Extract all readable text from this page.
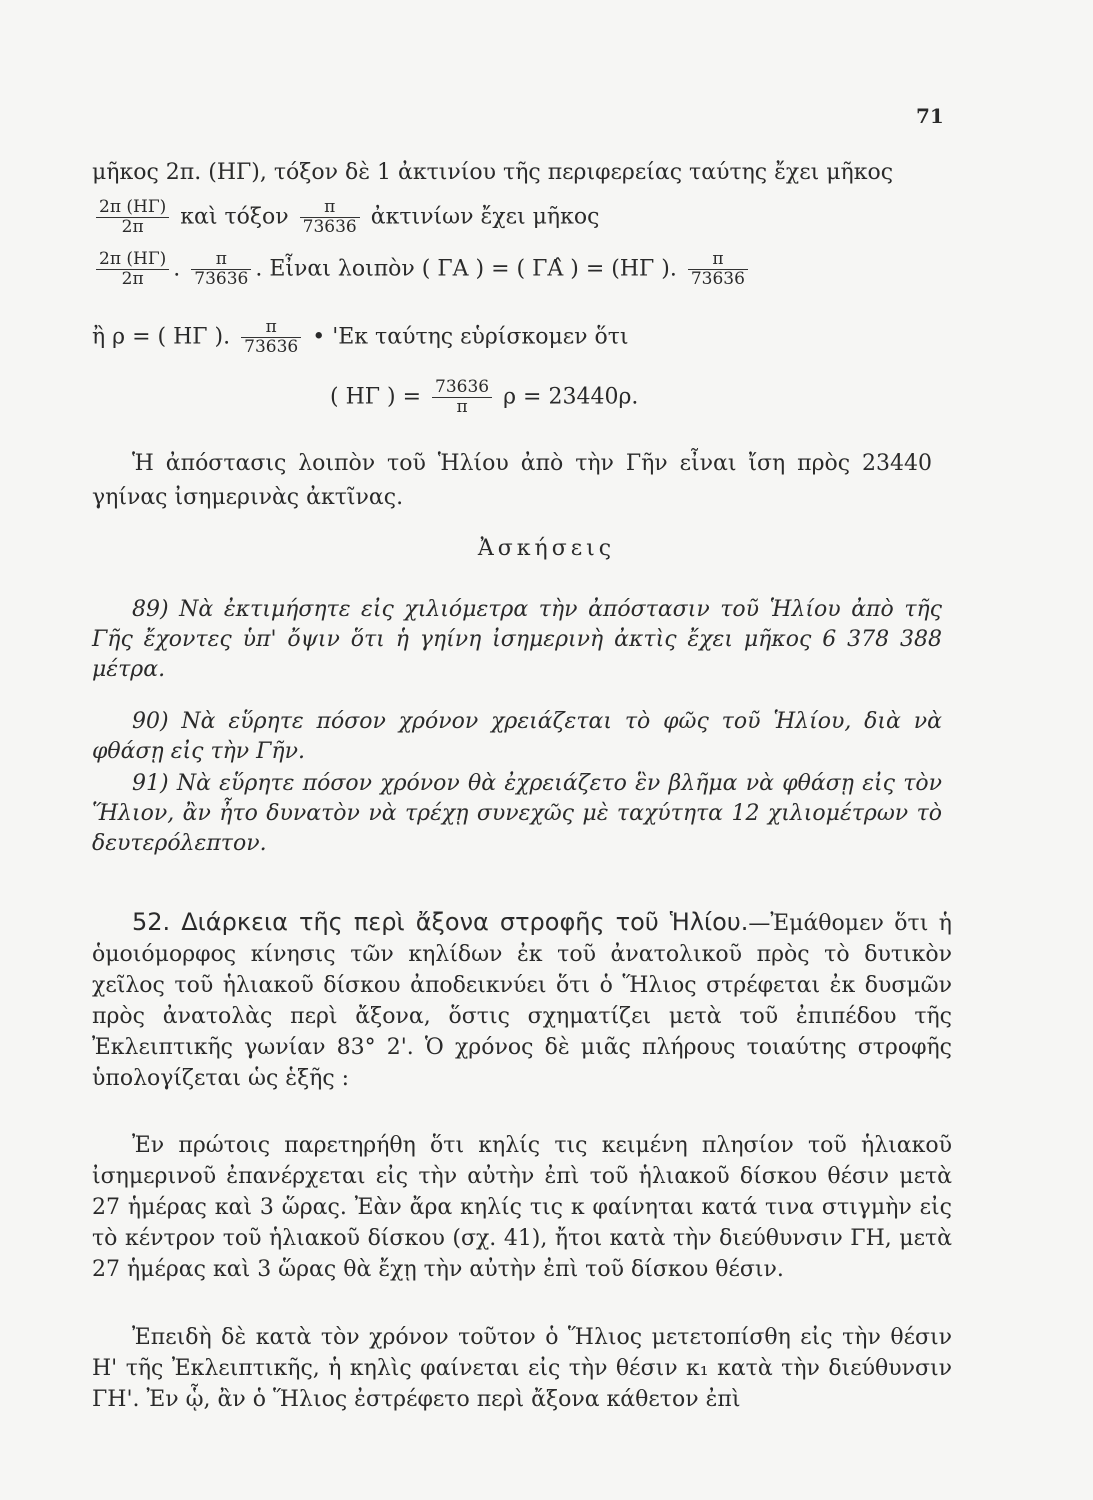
71
μῆκος 2π. (ΗΓ), τόξον δὲ 1 ἀκτινίου τῆς περιφερείας ταύτης ἔχει μῆκος
$\frac{2\pi (H\Gamma)}{2\pi}$ καὶ τόξον $\frac{\pi}{73636}$ ἀκτινίων ἔχει μῆκος
$\frac{2\pi (H\Gamma)}{2\pi}$ . $\frac{\pi}{73636}$ . Εἶναι λοιπὸν ( ΓΑ ) = ( ΓΑ̂ ) = (ΗΓ ). $\frac{\pi}{73636}$
ἢ ρ = ( ΗΓ ). $\frac{\pi}{73636}$ • 'Εκ ταύτης εὑρίσκομεν ὅτι
( ΗΓ ) = $\frac{73636}{\pi}$ ρ = 23440ρ.
Ἡ ἀπόστασις λοιπὸν τοῦ Ἡλίου ἀπὸ τὴν Γῆν εἶναι ἴση πρὸς 23440 γηίνας ἰσημερινὰς ἀκτῖνας.
Ἀσκήσεις
89) Νὰ ἐκτιμήσητε εἰς χιλιόμετρα τὴν ἀπόστασιν τοῦ Ἡλίου ἀπὸ τῆς Γῆς ἔχοντες ὑπ' ὄψιν ὅτι ἡ γηίνη ἰσημερινὴ ἀκτὶς ἔχει μῆκος 6 378 388 μέτρα.
90) Νὰ εὕρητε πόσον χρόνον χρειάζεται τὸ φῶς τοῦ Ἡλίου, διὰ νὰ φθάσῃ εἰς τὴν Γῆν.
91) Νὰ εὕρητε πόσον χρόνον θὰ ἐχρειάζετο ἓν βλῆμα νὰ φθάσῃ εἰς τὸν Ἥλιον, ἂν ἦτο δυνατὸν νὰ τρέχῃ συνεχῶς μὲ ταχύτητα 12 χιλιομέτρων τὸ δευτερόλεπτον.
52. Διάρκεια τῆς περὶ ἄξονα στροφῆς τοῦ Ἡλίου.—Ἐμάθομεν ὅτι ἡ ὁμοιόμορφος κίνησις τῶν κηλίδων ἐκ τοῦ ἀνατολικοῦ πρὸς τὸ δυτικὸν χεῖλος τοῦ ἡλιακοῦ δίσκου ἀποδεικνύει ὅτι ὁ Ἥλιος στρέφεται ἐκ δυσμῶν πρὸς ἀνατολὰς περὶ ἄξονα, ὅστις σχηματίζει μετὰ τοῦ ἐπιπέδου τῆς Ἐκλειπτικῆς γωνίαν 83° 2'. Ὁ χρόνος δὲ μιᾶς πλήρους τοιαύτης στροφῆς ὑπολογίζεται ὡς ἑξῆς :
Ἐν πρώτοις παρετηρήθη ὅτι κηλίς τις κειμένη πλησίον τοῦ ἡλιακοῦ ἰσημερινοῦ ἐπανέρχεται εἰς τὴν αὐτὴν ἐπὶ τοῦ ἡλιακοῦ δίσκου θέσιν μετὰ 27 ἡμέρας καὶ 3 ὥρας. Ἐὰν ἄρα κηλίς τις κ φαίνηται κατά τινα στιγμὴν εἰς τὸ κέντρον τοῦ ἡλιακοῦ δίσκου (σχ. 41), ἤτοι κατὰ τὴν διεύθυνσιν ΓΗ, μετὰ 27 ἡμέρας καὶ 3 ὥρας θὰ ἔχῃ τὴν αὐτὴν ἐπὶ τοῦ δίσκου θέσιν.
Ἐπειδὴ δὲ κατὰ τὸν χρόνον τοῦτον ὁ Ἥλιος μετετοπίσθη εἰς τὴν θέσιν Η' τῆς Ἐκλειπτικῆς, ἡ κηλὶς φαίνεται εἰς τὴν θέσιν κ₁ κατὰ τὴν διεύθυνσιν ΓΗ'. Ἐν ᾧ, ἂν ὁ Ἥλιος ἐστρέφετο περὶ ἄξονα κάθετον ἐπὶ
